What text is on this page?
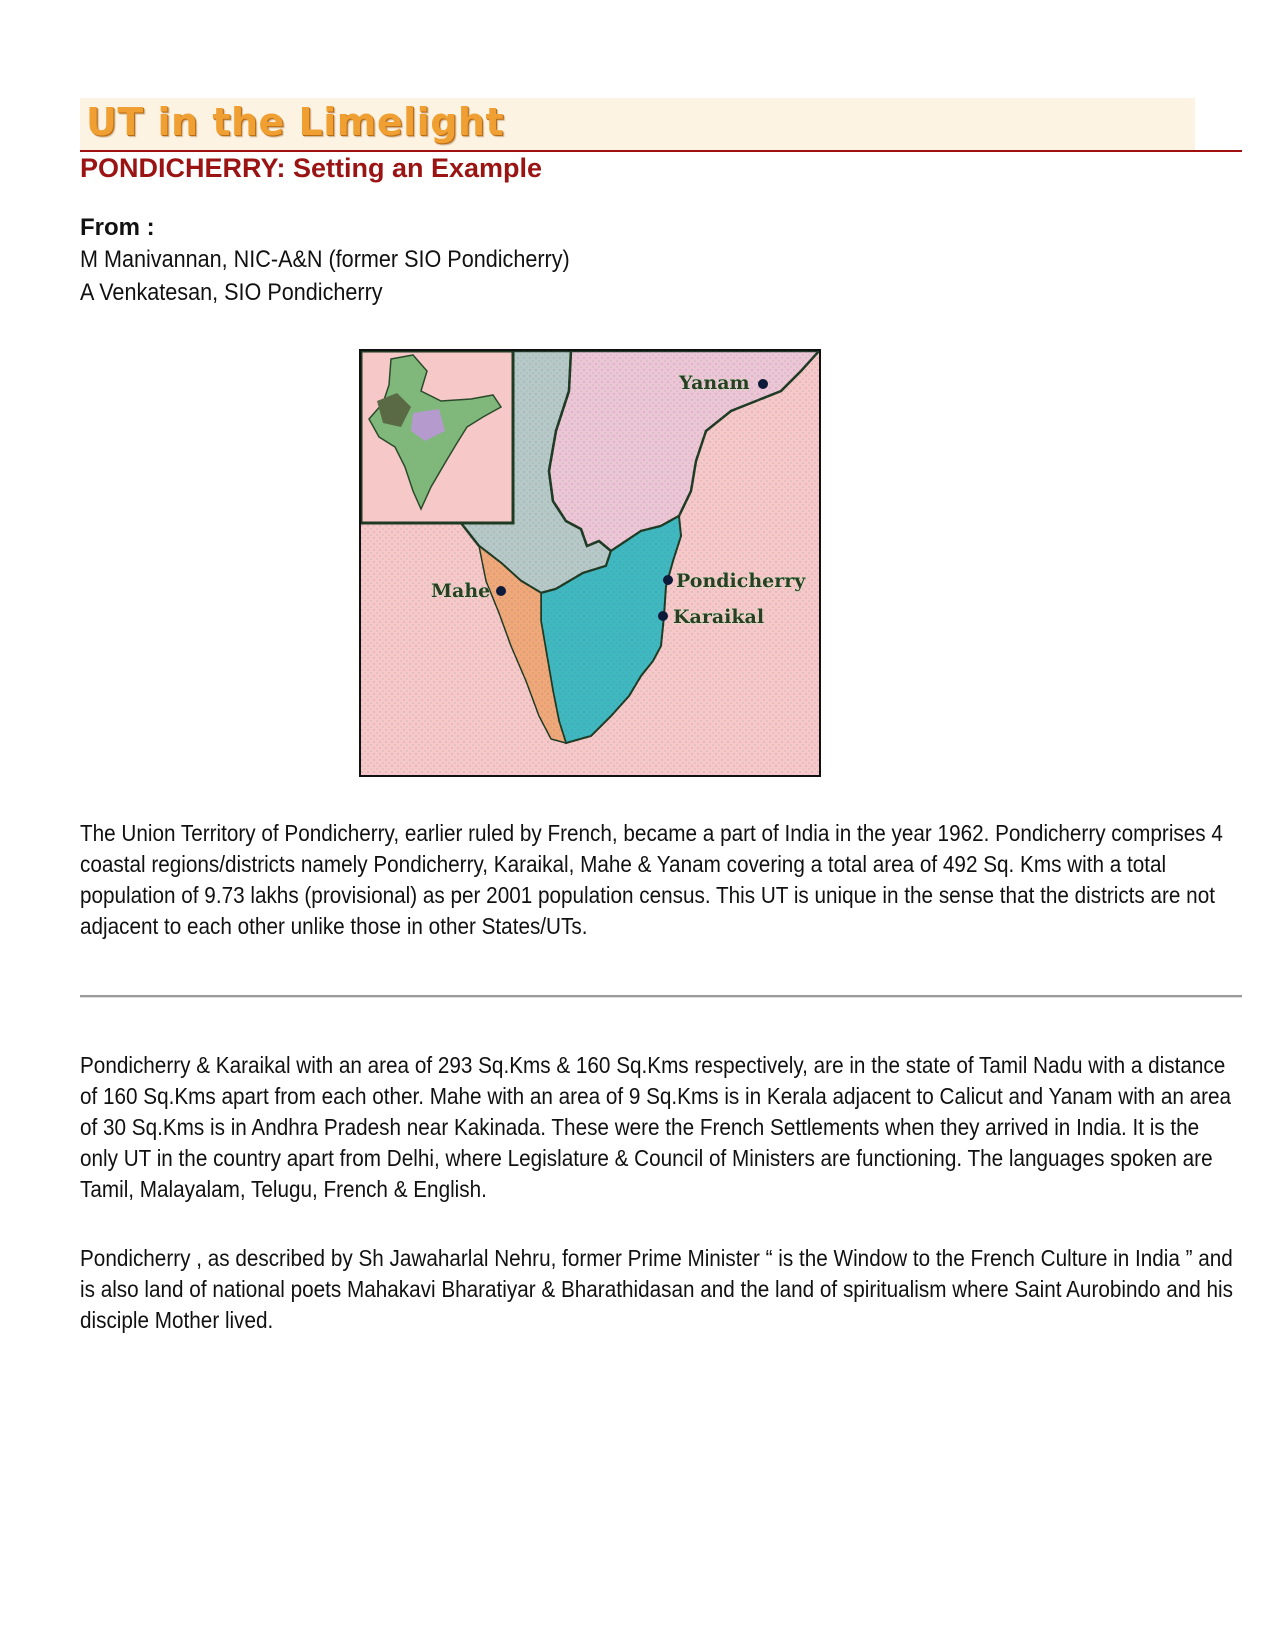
UT in the Limelight
PONDICHERRY: Setting an Example
From :
M Manivannan, NIC-A&N (former SIO Pondicherry)
A Venkatesan, SIO Pondicherry
Yanam
Pondicherry
Karaikal
Mahe

The Union Territory of Pondicherry, earlier ruled by French, became a part of India in the year 1962. Pondicherry comprises 4 coastal regions/districts namely Pondicherry, Karaikal, Mahe & Yanam covering a total area of 492 Sq. Kms with a total population of 9.73 lakhs (provisional) as per 2001 population census. This UT is unique in the sense that the districts are not adjacent to each other unlike those in other States/UTs.

Pondicherry & Karaikal with an area of 293 Sq.Kms & 160 Sq.Kms respectively, are in the state of Tamil Nadu with a distance of 160 Sq.Kms apart from each other. Mahe with an area of 9 Sq.Kms is in Kerala adjacent to Calicut and Yanam with an area of 30 Sq.Kms is in Andhra Pradesh near Kakinada. These were the French Settlements when they arrived in India. It is the only UT in the country apart from Delhi, where Legislature & Council of Ministers are functioning. The languages spoken are Tamil, Malayalam, Telugu, French & English.

Pondicherry , as described by Sh Jawaharlal Nehru, former Prime Minister “ is the Window to the French Culture in India ” and is also land of national poets Mahakavi Bharatiyar & Bharathidasan and the land of spiritualism where Saint Aurobindo and his disciple Mother lived.
